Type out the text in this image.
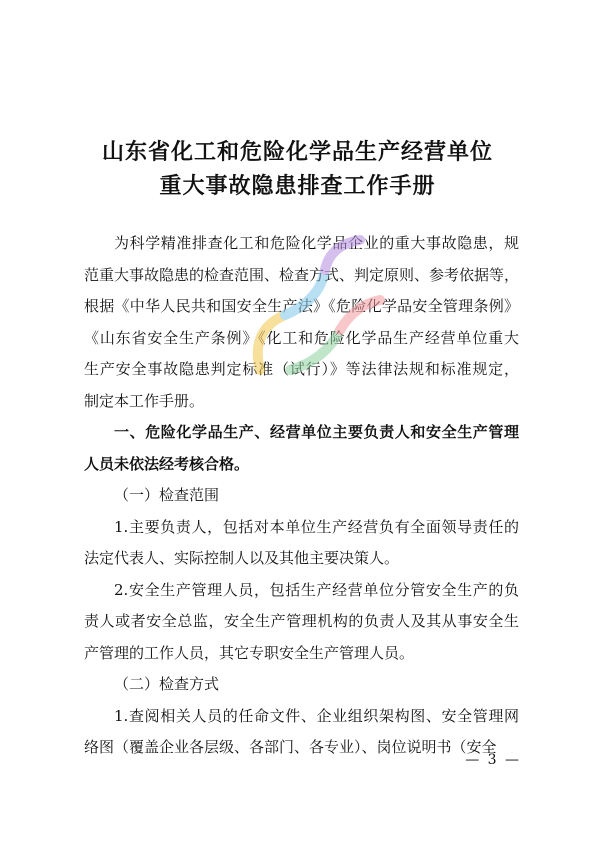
山东省化工和危险化学品生产经营单位
重大事故隐患排查工作手册
为科学精准排查化工和危险化学品企业的重大事故隐患，规
范重大事故隐患的检查范围、检查方式、判定原则、参考依据等，
根据《中华人民共和国安全生产法》《危险化学品安全管理条例》
《山东省安全生产条例》《化工和危险化学品生产经营单位重大
生产安全事故隐患判定标准（试行）》等法律法规和标准规定，
制定本工作手册。
一、危险化学品生产、经营单位主要负责人和安全生产管理
人员未依法经考核合格。
（一）检查范围
1.主要负责人，包括对本单位生产经营负有全面领导责任的
法定代表人、实际控制人以及其他主要决策人。
2.安全生产管理人员，包括生产经营单位分管安全生产的负
责人或者安全总监，安全生产管理机构的负责人及其从事安全生
产管理的工作人员，其它专职安全生产管理人员。
（二）检查方式
1.查阅相关人员的任命文件、企业组织架构图、安全管理网
络图（覆盖企业各层级、各部门、各专业）、岗位说明书（安全
— 3 —
